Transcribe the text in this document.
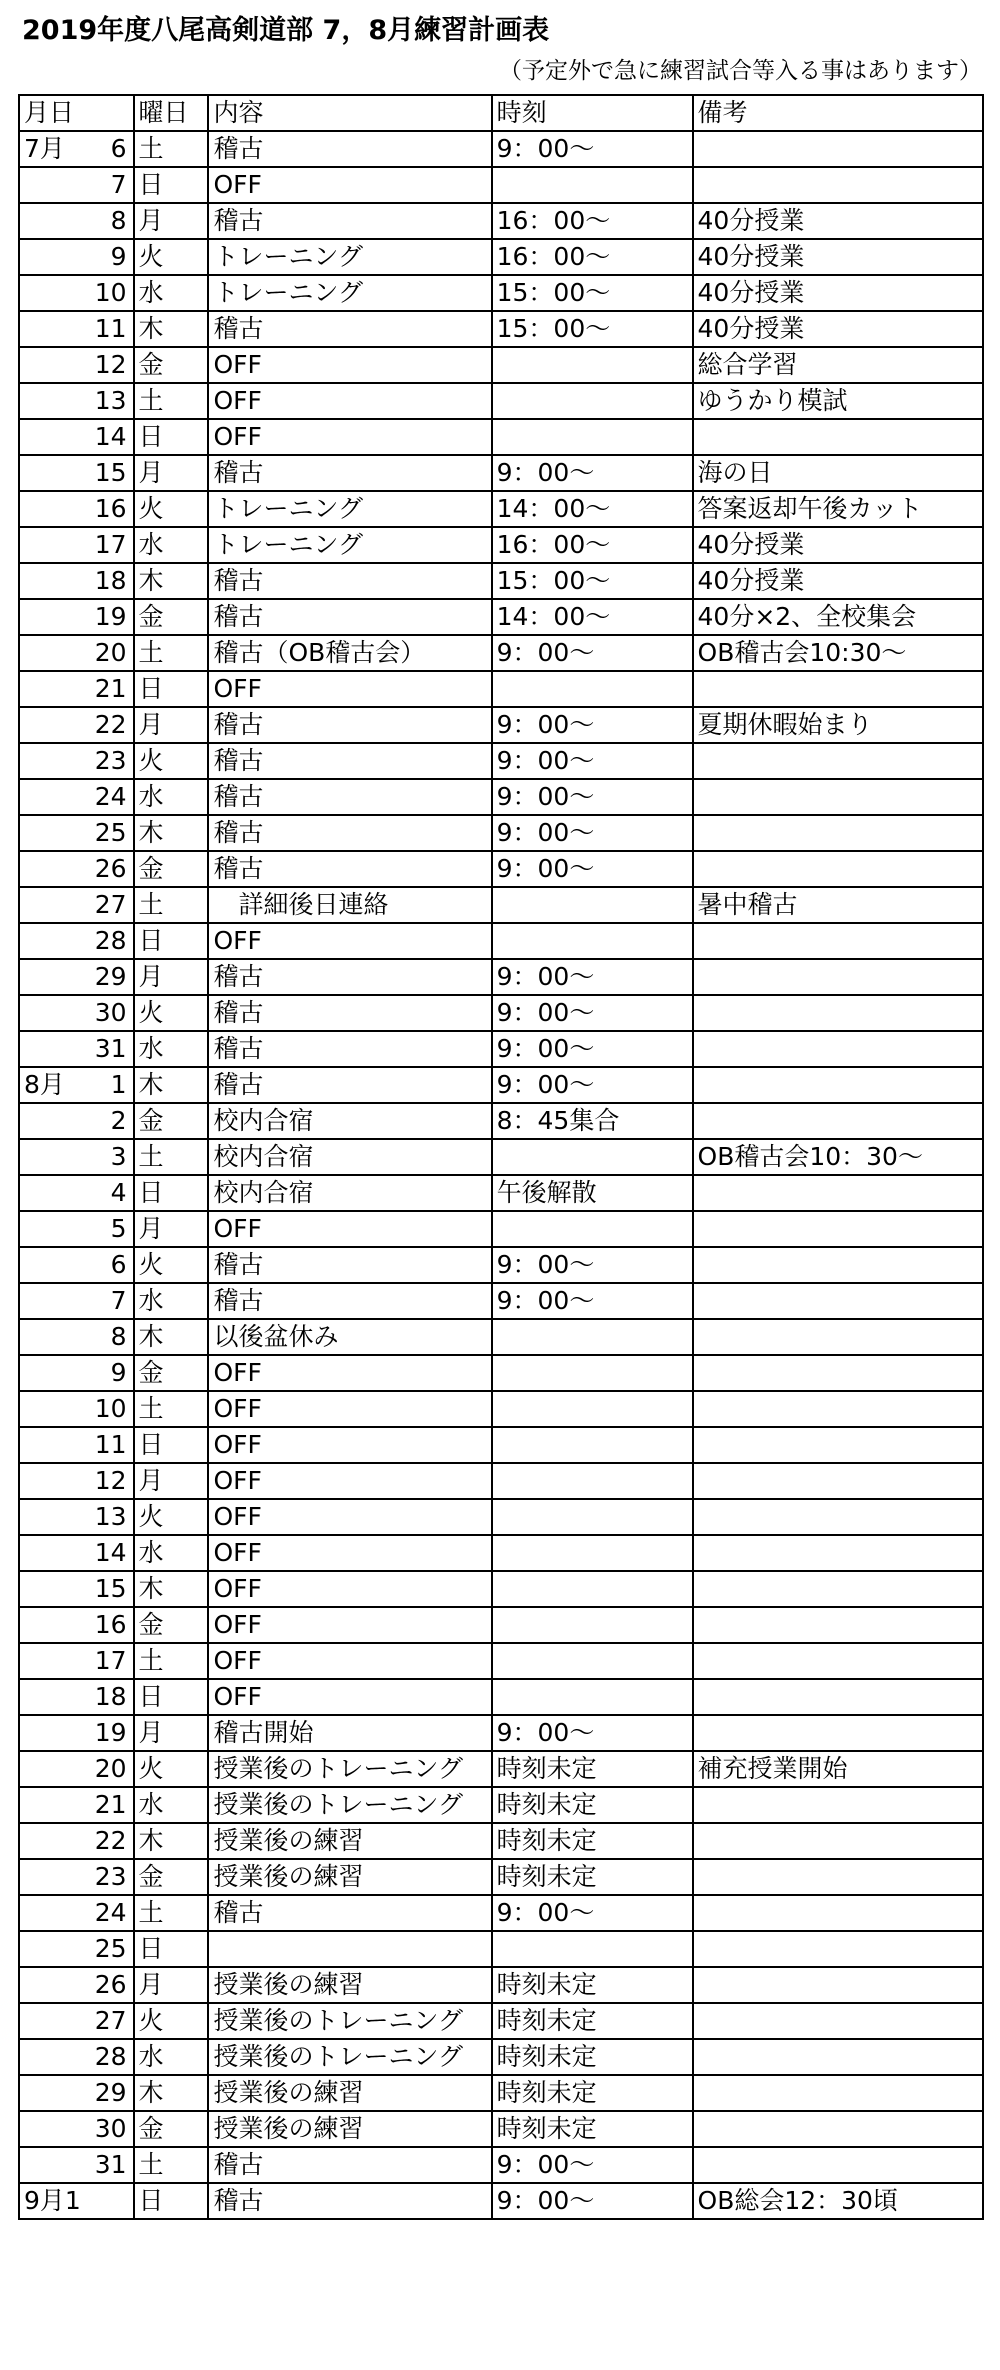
2019年度八尾高剣道部 7，8月練習計画表
（予定外で急に練習試合等入る事はあります）
月日	曜日	内容	時刻	備考

7月 6	土	稽古	9：00～	

7	日	OFF		

8	月	稽古	16：00～	40分授業

9	火	トレーニング	16：00～	40分授業

10	水	トレーニング	15：00～	40分授業

11	木	稽古	15：00～	40分授業

12	金	OFF		総合学習

13	土	OFF		ゆうかり模試

14	日	OFF		

15	月	稽古	9：00～	海の日

16	火	トレーニング	14：00～	答案返却午後カット

17	水	トレーニング	16：00～	40分授業

18	木	稽古	15：00～	40分授業

19	金	稽古	14：00～	40分×2、全校集会

20	土	稽古（OB稽古会）	9：00～	OB稽古会10:30～

21	日	OFF		

22	月	稽古	9：00～	夏期休暇始まり

23	火	稽古	9：00～	

24	水	稽古	9：00～	

25	木	稽古	9：00～	

26	金	稽古	9：00～	

27	土	　詳細後日連絡		暑中稽古

28	日	OFF		

29	月	稽古	9：00～	

30	火	稽古	9：00～	

31	水	稽古	9：00～	

8月 1	木	稽古	9：00～	

2	金	校内合宿	8：45集合	

3	土	校内合宿		OB稽古会10：30～

4	日	校内合宿	午後解散	

5	月	OFF		

6	火	稽古	9：00～	

7	水	稽古	9：00～	

8	木	以後盆休み		

9	金	OFF		

10	土	OFF		

11	日	OFF		

12	月	OFF		

13	火	OFF		

14	水	OFF		

15	木	OFF		

16	金	OFF		

17	土	OFF		

18	日	OFF		

19	月	稽古開始	9：00～	

20	火	授業後のトレーニング	時刻未定	補充授業開始

21	水	授業後のトレーニング	時刻未定	

22	木	授業後の練習	時刻未定	

23	金	授業後の練習	時刻未定	

24	土	稽古	9：00～	

25	日			

26	月	授業後の練習	時刻未定	

27	火	授業後のトレーニング	時刻未定	

28	水	授業後のトレーニング	時刻未定	

29	木	授業後の練習	時刻未定	

30	金	授業後の練習	時刻未定	

31	土	稽古	9：00～	

9月1	日	稽古	9：00～	OB総会12：30頃
